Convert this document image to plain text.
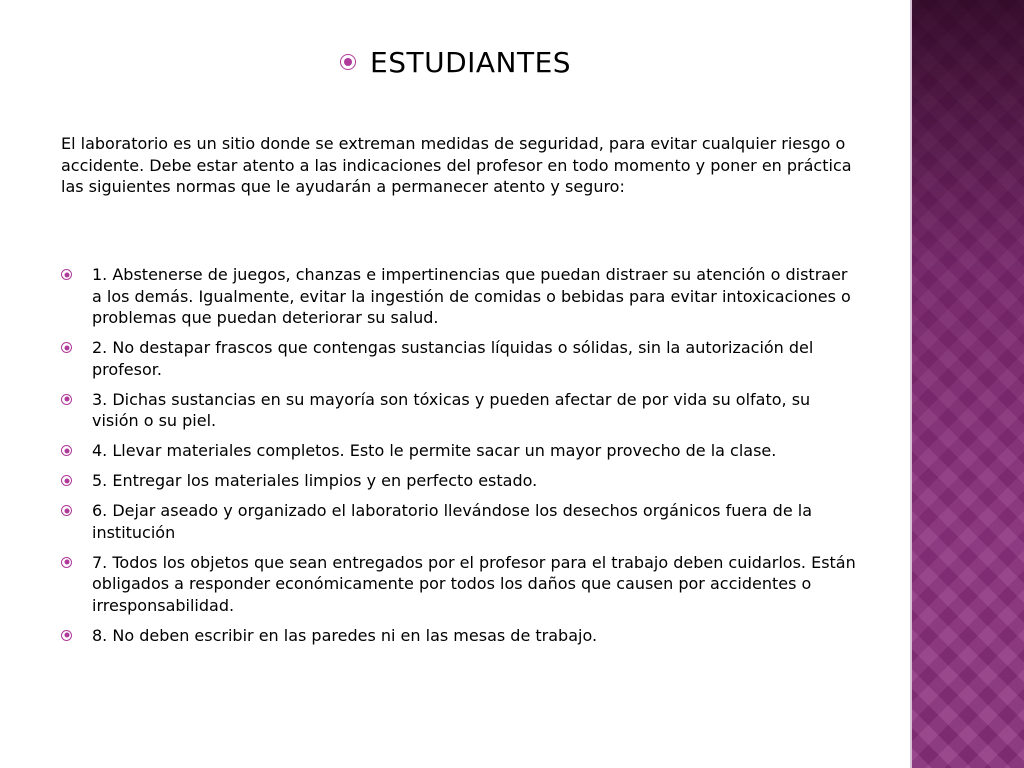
ESTUDIANTES
El laboratorio es un sitio donde se extreman medidas de seguridad, para evitar cualquier riesgo o accidente. Debe estar atento a las indicaciones del profesor en todo momento y poner en práctica las siguientes normas que le ayudarán a permanecer atento y seguro:
1. Abstenerse de juegos, chanzas e impertinencias que puedan distraer su atención o distraer a los demás. Igualmente, evitar la ingestión de comidas o bebidas para evitar intoxicaciones o problemas que puedan deteriorar su salud.
2. No destapar frascos que contengas sustancias líquidas o sólidas, sin la autorización del profesor.
3. Dichas sustancias en su mayoría son tóxicas y pueden afectar de por vida su olfato, su visión o su piel.
4. Llevar materiales completos. Esto le permite sacar un mayor provecho de la clase.
5. Entregar los materiales limpios y en perfecto estado.
6. Dejar aseado y organizado el laboratorio llevándose los desechos orgánicos fuera de la institución
7. Todos los objetos que sean entregados por el profesor para el trabajo deben cuidarlos. Están obligados a responder económicamente por todos los daños que causen por accidentes o irresponsabilidad.
8. No deben escribir en las paredes ni en las mesas de trabajo.
